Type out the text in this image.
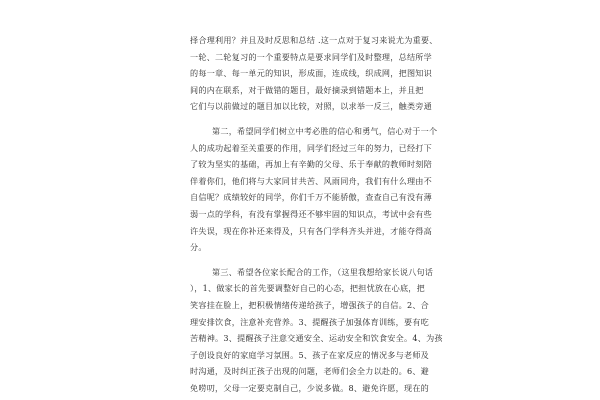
择合理利用？并且及时反思和总结 .这一点对于复习来说尤为重要、
一轮、二轮复习的一个重要特点是要求同学们及时整理，总结所学
的每一章、每一单元的知识，形成面，连成线，织成网，把图知识
间的内在联系，对于做错的题目，最好摘录到错题本上，并且把
它们与以前做过的题目加以比较，对照，以求举一反三，触类旁通
第二，希望同学们树立中考必胜的信心和勇气，信心对于一个
人的成功起着至关重要的作用，同学们经过三年的努力，已经打下
了较为坚实的基础，再加上有辛勤的父母、乐于奉献的教师时刻陪
伴着你们，他们将与大家同甘共苦、风雨同舟，我们有什么理由不
自信呢？成绩较好的同学，你们千万不能骄傲，查查自己有没有薄
弱一点的学科，有没有掌握得还不够牢固的知识点，考试中会有些
许失误，现在你补还来得及，只有各门学科齐头并进，才能夺得高
分。
第三、希望各位家长配合的工作，（这里我想给家长说八句话
），1、做家长的首先要调整好自己的心态，把担忧放在心底，把
笑容挂在脸上，把积极情绪传递给孩子，增强孩子的自信。2、合
理安排饮食，注意补充营养。3、提醒孩子加强体育训练，要有吃
苦精神。3、提醒孩子注意交通安全、运动安全和饮食安全。4、为孩
子创设良好的家庭学习氛围。5、孩子在家反应的情况多与老师及
时沟通，及时纠正孩子出现的问题，老师们会全力以赴的。6、避
免唠叨，父母一定要克制自己，少说多做。8、避免许愿，现在的
